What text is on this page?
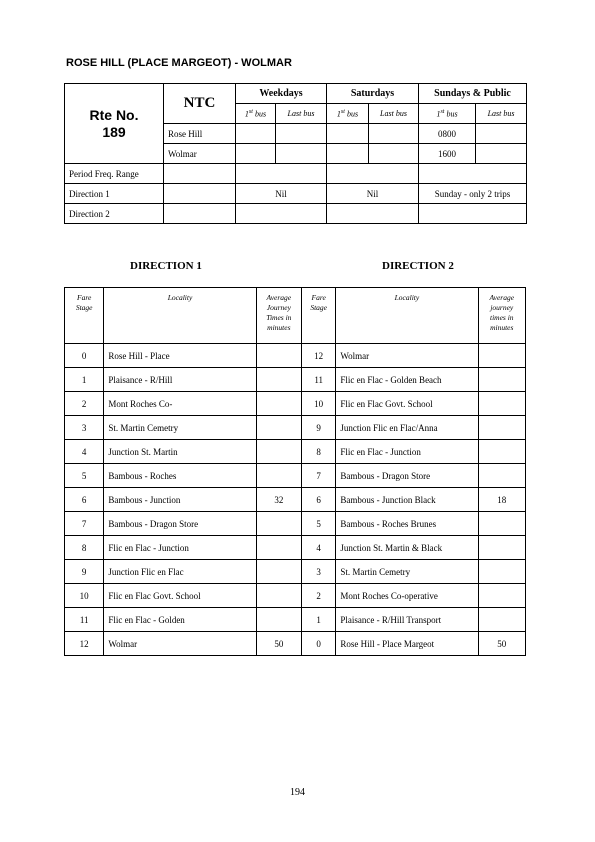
ROSE HILL (PLACE MARGEOT) - WOLMAR
Rte No.
189	NTC	Weekdays		Saturdays		Sundays & Public	
		1st bus	Last bus	1st bus	Last bus	1st bus	Last bus
	Rose Hill					0800	
	Wolmar					1600	
Period Freq. Range							
Direction 1		Nil		Nil		Sunday - only 2 trips	
Direction 2							
DIRECTION 1	DIRECTION 2
Fare Stage	Locality	Average Journey Times in minutes	Fare Stage	Locality	Average journey times in minutes
0	Rose Hill - Place		12	Wolmar	
1	Plaisance - R/Hill		11	Flic en Flac - Golden Beach	
2	Mont Roches Co-		10	Flic en Flac Govt. School	
3	St. Martin Cemetry		9	Junction Flic en Flac/Anna	
4	Junction St. Martin		8	Flic en Flac - Junction	
5	Bambous - Roches		7	Bambous - Dragon Store	
6	Bambous - Junction	32	6	Bambous - Junction Black	18
7	Bambous - Dragon Store		5	Bambous - Roches Brunes	
8	Flic en Flac - Junction		4	Junction St. Martin & Black	
9	Junction Flic en Flac		3	St. Martin Cemetry	
10	Flic en Flac Govt. School		2	Mont Roches Co-operative	
11	Flic en Flac - Golden		1	Plaisance - R/Hill Transport	
12	Wolmar	50	0	Rose Hill - Place Margeot	50
194
